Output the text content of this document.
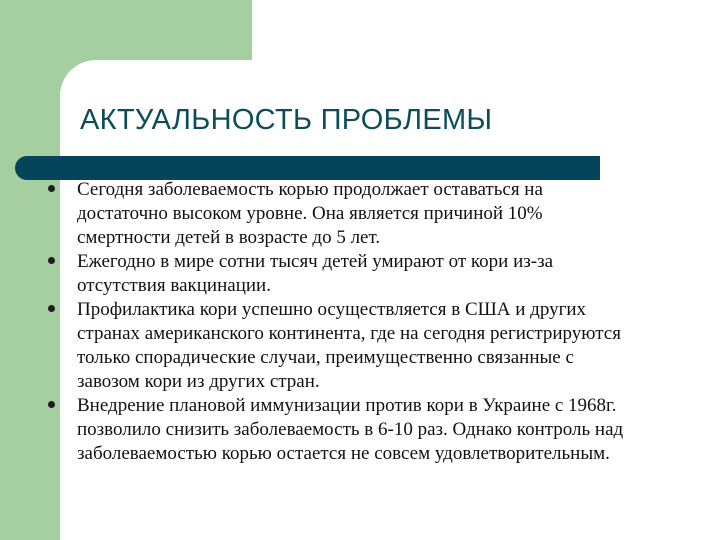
АКТУАЛЬНОСТЬ ПРОБЛЕМЫ
Сегодня заболеваемость корью продолжает оставаться на
достаточно высоком уровне. Она является причиной 10%
смертности детей в возрасте до 5 лет.
Ежегодно в мире сотни тысяч детей умирают от кори из-за
отсутствия вакцинации.
Профилактика кори успешно осуществляется в США и других
странах американского континента, где на сегодня регистрируются
только спорадические случаи, преимущественно связанные с
завозом кори из других стран.
Внедрение плановой иммунизации против кори в Украине с 1968г.
позволило снизить заболеваемость в 6-10 раз. Однако контроль над
заболеваемостью корью остается не совсем удовлетворительным.
